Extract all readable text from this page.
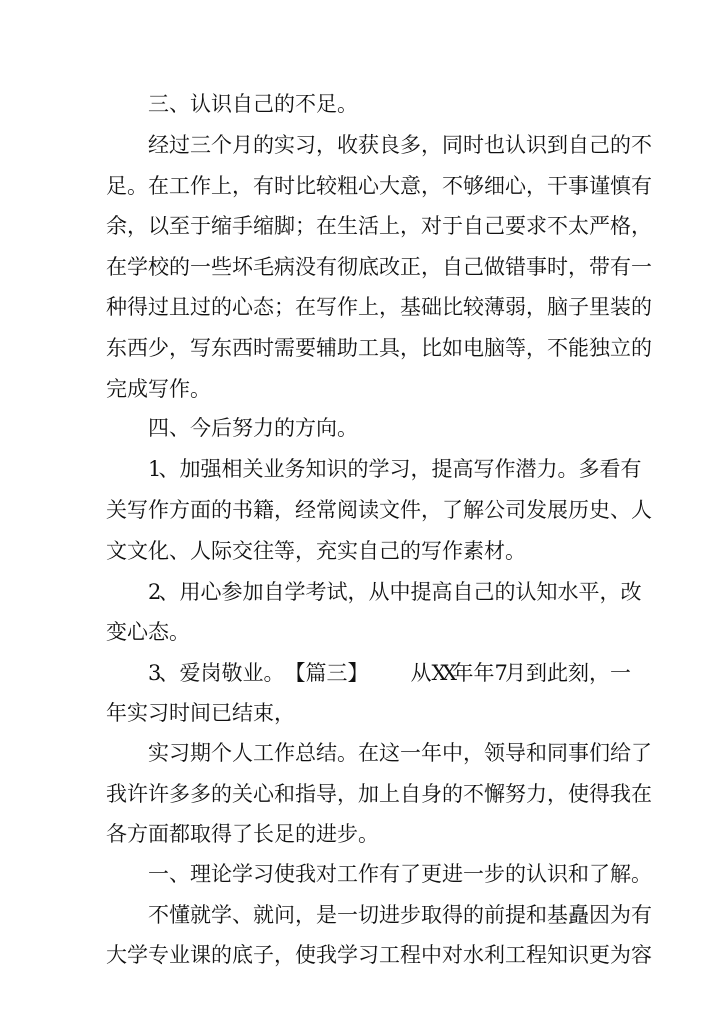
三 、 认 识 自 己 的 不 足 。
经 过 三 个 月 的 实 习 ， 收 获 良 多 ， 同 时 也 认 识 到 自 己 的 不
足 。 在 工 作 上 ， 有 时 比 较 粗 心 大 意 ， 不 够 细 心 ， 干 事 谨 慎 有
余 ， 以 至 于 缩 手 缩 脚 ； 在 生 活 上 ， 对 于 自 己 要 求 不 太 严 格 ，
在 学 校 的 一 些 坏 毛 病 没 有 彻 底 改 正 ， 自 己 做 错 事 时 ， 带 有 一
种 得 过 且 过 的 心 态 ； 在 写 作 上 ， 基 础 比 较 薄 弱 ， 脑 子 里 装 的
东 西 少 ， 写 东 西 时 需 要 辅 助 工 具 ， 比 如 电 脑 等 ， 不 能 独 立 的
完 成 写 作 。
四 、 今 后 努 力 的 方 向 。
1
、 加 强 相 关 业 务 知 识 的 学 习 ， 提 高 写 作 潜 力 。 多 看 有
关 写 作 方 面 的 书 籍 ， 经 常 阅 读 文 件 ， 了 解 公 司 发 展 历 史 、 人
文 文 化 、 人 际 交 往 等 ， 充 实 自 己 的 写 作 素 材 。
2
、 用 心 参 加 自 学 考 试 ， 从 中 提 高 自 己 的 认 知 水 平 ， 改
变 心 态 。
3
、 爱 岗 敬 业 。 【 篇 三 】 从 X
X
年 年 7
月 到 此 刻 ， 一
年 实 习 时 间 已 结 束 ，
实 习 期 个 人 工 作 总 结 。 在 这 一 年 中 ， 领 导 和 同 事 们 给 了
我 许 许 多 多 的 关 心 和 指 导 ， 加 上 自 身 的 不 懈 努 力 ， 使 得 我 在
各 方 面 都 取 得 了 长 足 的 进 步 。
一 、 理 论 学 习 使 我 对 工 作 有 了 更 进 一 步 的 认 识 和 了 解 。
不 懂 就 学 、 就 问 ， 是 一 切 进 步 取 得 的 前 提 和 基 矗 因 为 有
大 学 专 业 课 的 底 子 ， 使 我 学 习 工 程 中 对 水 利 工 程 知 识 更 为 容
